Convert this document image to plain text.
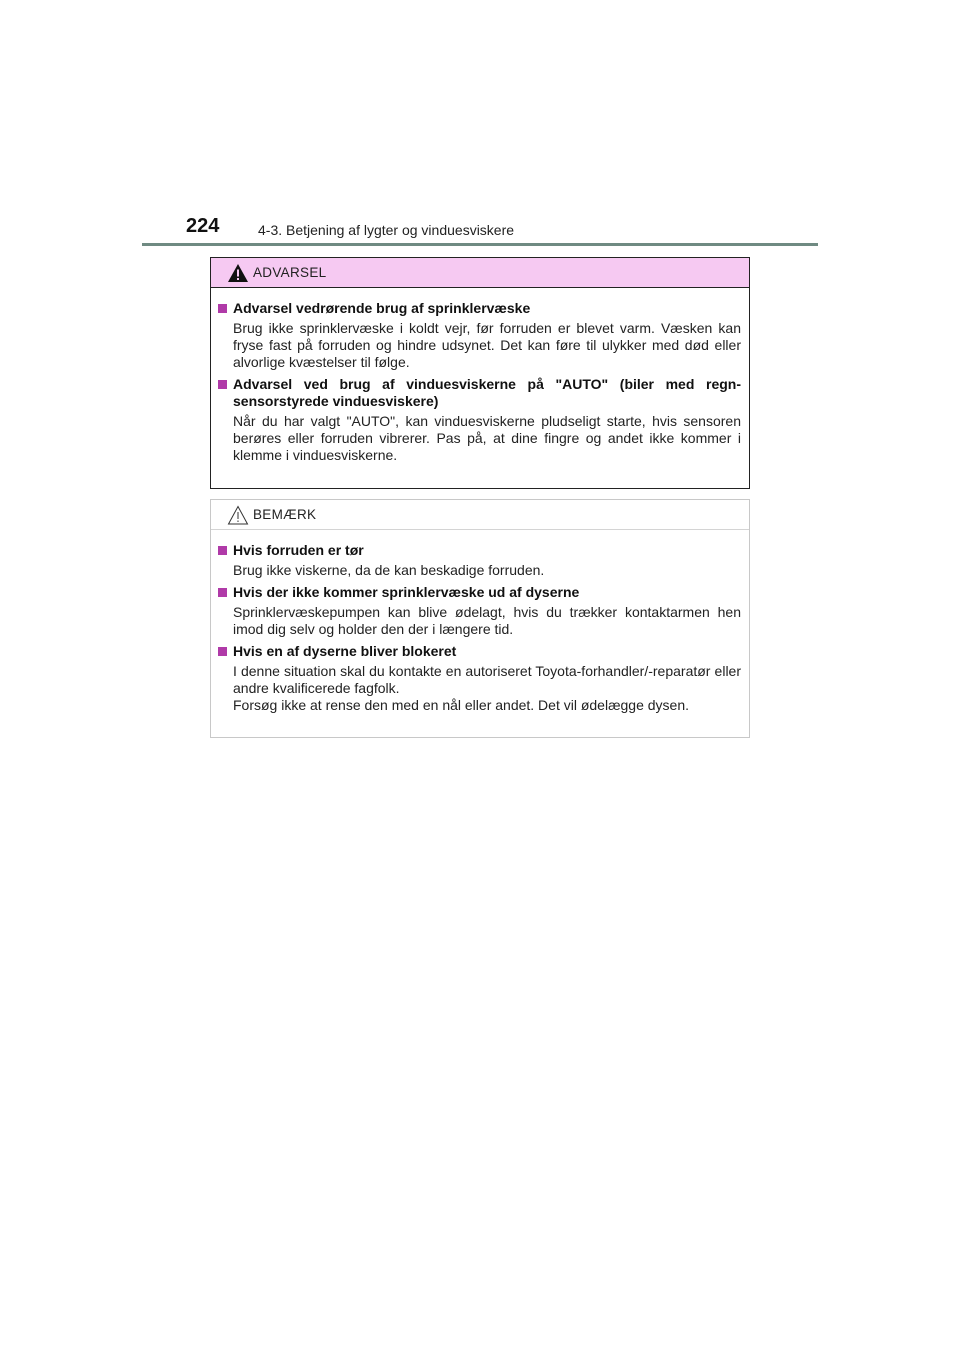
224	4-3. Betjening af lygter og vinduesviskere
ADVARSEL
Advarsel vedrørende brug af sprinklervæske
Brug ikke sprinklervæske i koldt vejr, før forruden er blevet varm. Væsken kan fryse fast på forruden og hindre udsynet. Det kan føre til ulykker med død eller alvorlige kvæstelser til følge.
Advarsel ved brug af vinduesviskerne på "AUTO" (biler med regn-sensorstyrede vinduesviskere)
Når du har valgt "AUTO", kan vinduesviskerne pludseligt starte, hvis sensoren berøres eller forruden vibrerer. Pas på, at dine fingre og andet ikke kommer i klemme i vinduesviskerne.
BEMÆRK
Hvis forruden er tør
Brug ikke viskerne, da de kan beskadige forruden.
Hvis der ikke kommer sprinklervæske ud af dyserne
Sprinklervæskepumpen kan blive ødelagt, hvis du trækker kontaktarmen hen imod dig selv og holder den der i længere tid.
Hvis en af dyserne bliver blokeret

I denne situation skal du kontakte en autoriseret Toyota-forhandler/-reparatør eller andre kvalificerede fagfolk.

Forsøg ikke at rense den med en nål eller andet. Det vil ødelægge dysen.
